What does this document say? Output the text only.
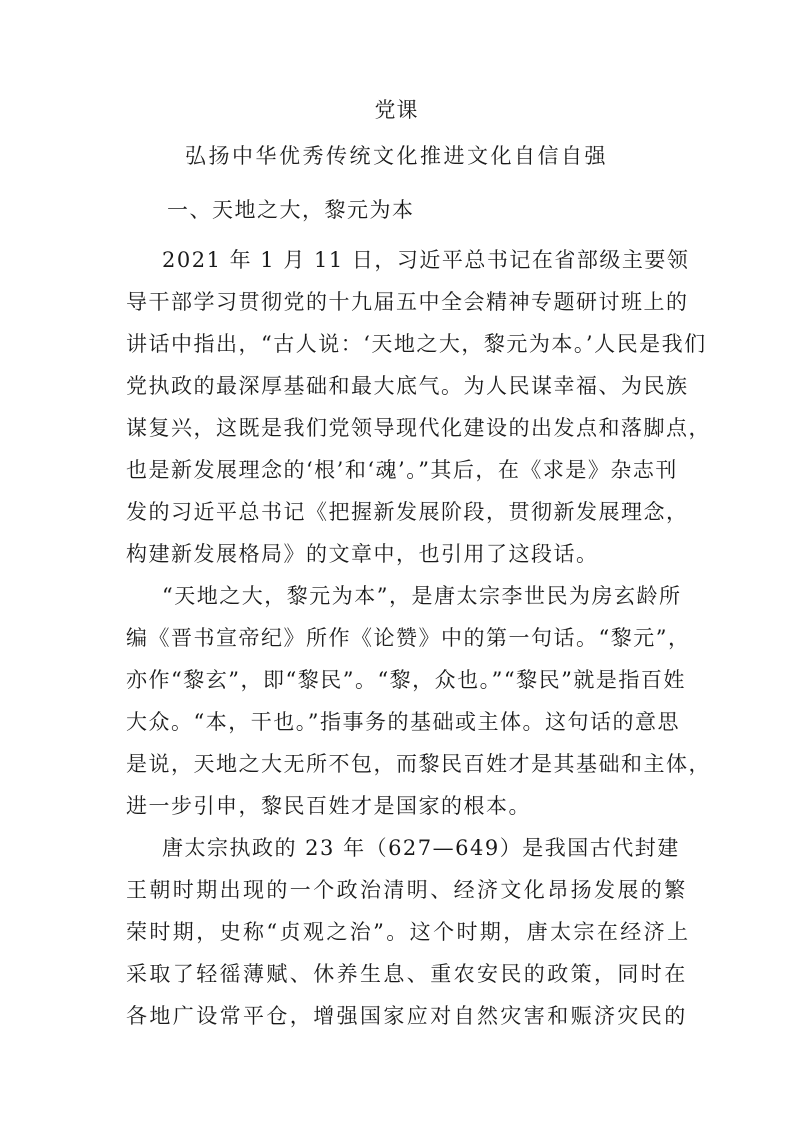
党课
弘扬中华优秀传统文化推进文化自信自强
一、天地之大，黎元为本
2021 年 1 月 11 日，习近平总书记在省部级主要领
导干部学习贯彻党的十九届五中全会精神专题研讨班上的
讲话中指出，“古人说：‘天地之大，黎元为本。’人民是我们
党执政的最深厚基础和最大底气。为人民谋幸福、为民族
谋复兴，这既是我们党领导现代化建设的出发点和落脚点，
也是新发展理念的‘根’和‘魂’。”其后，在《求是》杂志刊
发的习近平总书记《把握新发展阶段，贯彻新发展理念，
构建新发展格局》的文章中，也引用了这段话。
“天地之大，黎元为本”，是唐太宗李世民为房玄龄所
编《晋书宣帝纪》所作《论赞》中的第一句话。“黎元”，
亦作“黎玄”，即“黎民”。“黎，众也。”“黎民”就是指百姓
大众。“本，干也。”指事务的基础或主体。这句话的意思
是说，天地之大无所不包，而黎民百姓才是其基础和主体，
进一步引申，黎民百姓才是国家的根本。
唐太宗执政的 23 年（627—649）是我国古代封建
王朝时期出现的一个政治清明、经济文化昂扬发展的繁
荣时期，史称“贞观之治”。这个时期，唐太宗在经济上
采取了轻徭薄赋、休养生息、重农安民的政策，同时在
各地广设常平仓，增强国家应对自然灾害和赈济灾民的
